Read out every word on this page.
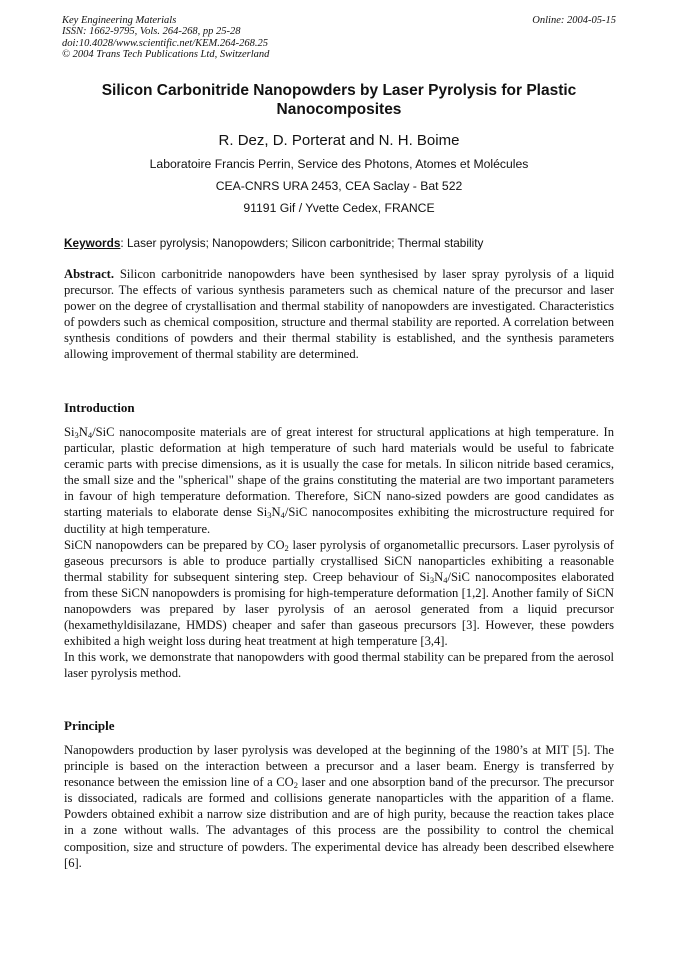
Key Engineering Materials
ISSN: 1662-9795, Vols. 264-268, pp 25-28
doi:10.4028/www.scientific.net/KEM.264-268.25
© 2004 Trans Tech Publications Ltd, Switzerland
Online: 2004-05-15
Silicon Carbonitride Nanopowders by Laser Pyrolysis for Plastic Nanocomposites
R. Dez, D. Porterat and N. H. Boime
Laboratoire Francis Perrin, Service des Photons, Atomes et Molécules
CEA-CNRS URA 2453, CEA Saclay - Bat 522
91191 Gif / Yvette Cedex, FRANCE
Keywords: Laser pyrolysis; Nanopowders; Silicon carbonitride; Thermal stability

Abstract. Silicon carbonitride nanopowders have been synthesised by laser spray pyrolysis of a liquid precursor. The effects of various synthesis parameters such as chemical nature of the precursor and laser power on the degree of crystallisation and thermal stability of nanopowders are investigated. Characteristics of powders such as chemical composition, structure and thermal stability are reported. A correlation between synthesis conditions of powders and their thermal stability is established, and the synthesis parameters allowing improvement of thermal stability are determined.

Introduction

$Si_3N_4$/SiC nanocomposite materials are of great interest for structural applications at high temperature. In particular, plastic deformation at high temperature of such hard materials would be useful to fabricate ceramic parts with precise dimensions, as it is usually the case for metals. In silicon nitride based ceramics, the small size and the "spherical" shape of the grains constituting the material are two important parameters in favour of high temperature deformation. Therefore, SiCN nano-sized powders are good candidates as starting materials to elaborate dense $Si_3N_4$/SiC nanocomposites exhibiting the microstructure required for ductility at high temperature.

SiCN nanopowders can be prepared by $CO_2$ laser pyrolysis of organometallic precursors. Laser pyrolysis of gaseous precursors is able to produce partially crystallised SiCN nanoparticles exhibiting a reasonable thermal stability for subsequent sintering step. Creep behaviour of $Si_3N_4$/SiC nanocomposites elaborated from these SiCN nanopowders is promising for high-temperature deformation [1,2]. Another family of SiCN nanopowders was prepared by laser pyrolysis of an aerosol generated from a liquid precursor (hexamethyldisilazane, HMDS) cheaper and safer than gaseous precursors [3]. However, these powders exhibited a high weight loss during heat treatment at high temperature [3,4].

In this work, we demonstrate that nanopowders with good thermal stability can be prepared from the aerosol laser pyrolysis method.

Principle

Nanopowders production by laser pyrolysis was developed at the beginning of the 1980’s at MIT [5]. The principle is based on the interaction between a precursor and a laser beam. Energy is transferred by resonance between the emission line of a $CO_2$ laser and one absorption band of the precursor. The precursor is dissociated, radicals are formed and collisions generate nanoparticles with the apparition of a flame. Powders obtained exhibit a narrow size distribution and are of high purity, because the reaction takes place in a zone without walls. The advantages of this process are the possibility to control the chemical composition, size and structure of powders. The experimental device has already been described elsewhere [6].
